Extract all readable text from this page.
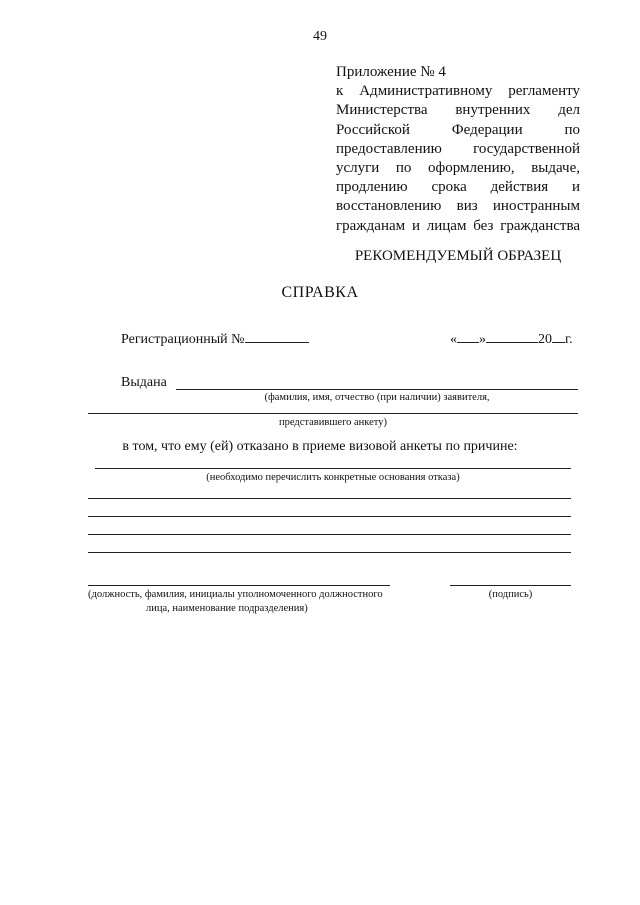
49
Приложение № 4
к Административному регламенту
Министерства внутренних дел
Российской Федерации по
предоставлению государственной
услуги по оформлению, выдаче,
продлению срока действия и
восстановлению виз иностранным
гражданам и лицам без гражданства
РЕКОМЕНДУЕМЫЙ ОБРАЗЕЦ
СПРАВКА
Регистрационный №	« »	20 г.
Выдана
(фамилия, имя, отчество (при наличии) заявителя,
представившего анкету)
в том, что ему (ей) отказано в приеме визовой анкеты по причине:
(необходимо перечислить конкретные основания отказа)
(должность, фамилия, инициалы уполномоченного должностного
лица, наименование подразделения)
(подпись)
